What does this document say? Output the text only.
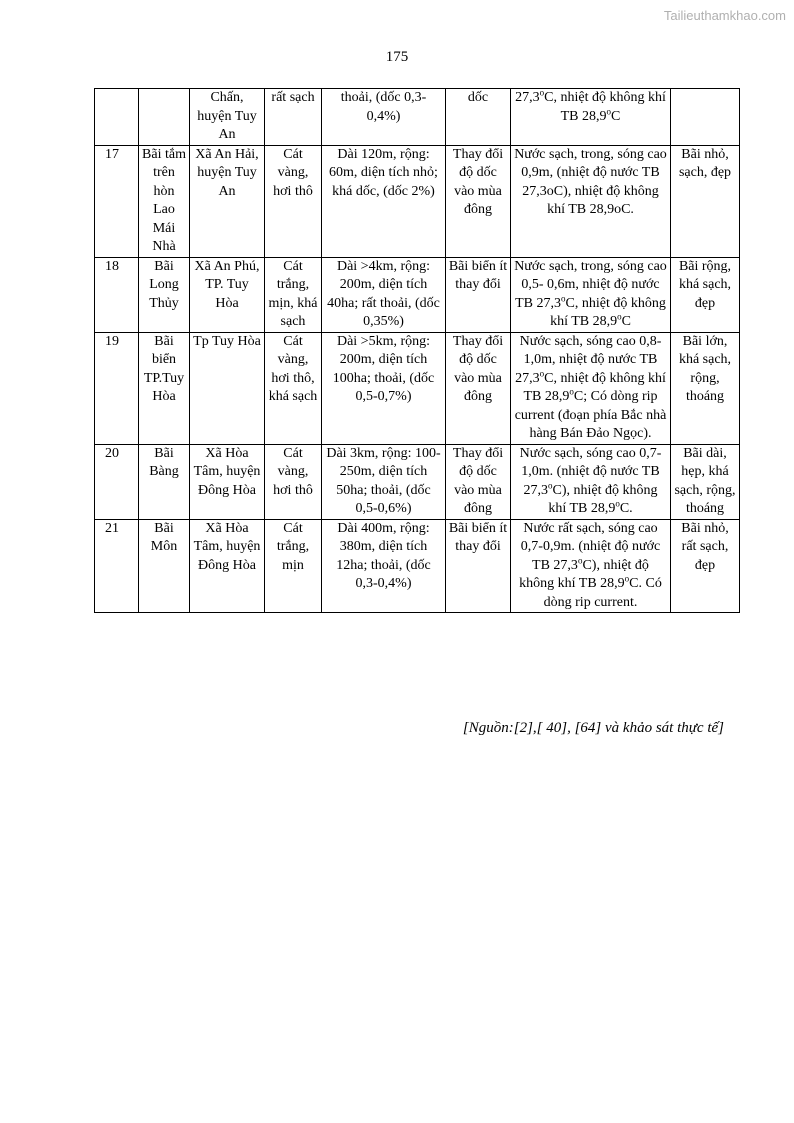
Tailieuthamkhao.com
175
		Chấn, huyện Tuy An	rất sạch	thoải, (dốc 0,3-0,4%)	dốc	27,3$^o$C, nhiệt độ không khí TB 28,9$^o$C	
17	Bãi tắm trên hòn Lao Mái Nhà	Xã An Hải, huyện Tuy An	Cát vàng, hơi thô	Dài 120m, rộng: 60m, diện tích nhỏ; khá dốc, (dốc 2%)	Thay đổi độ dốc vào mùa đông	Nước sạch, trong, sóng cao 0,9m, (nhiệt độ nước TB 27,3oC), nhiệt độ không khí TB 28,9oC.	Bãi nhỏ, sạch, đẹp
18	Bãi Long Thủy	Xã An Phú, TP. Tuy Hòa	Cát trắng, mịn, khá sạch	Dài >4km, rộng: 200m, diện tích 40ha; rất thoải, (dốc 0,35%)	Bãi biển ít thay đổi	Nước sạch, trong, sóng cao 0,5- 0,6m, nhiệt độ nước TB 27,3$^o$C, nhiệt độ không khí TB 28,9$^o$C	Bãi rộng, khá sạch, đẹp
19	Bãi biển TP.Tuy Hòa	Tp Tuy Hòa	Cát vàng, hơi thô, khá sạch	Dài >5km, rộng: 200m, diện tích 100ha; thoải, (dốc 0,5-0,7%)	Thay đổi độ dốc vào mùa đông	Nước sạch, sóng cao 0,8- 1,0m, nhiệt độ nước TB 27,3$^o$C, nhiệt độ không khí TB 28,9$^o$C; Có dòng rip current (đoạn phía Bắc nhà hàng Bán Đảo Ngọc).	Bãi lớn, khá sạch, rộng, thoáng
20	Bãi Bàng	Xã Hòa Tâm, huyện Đông Hòa	Cát vàng, hơi thô	Dài 3km, rộng: 100-250m, diện tích 50ha; thoải, (dốc 0,5-0,6%)	Thay đổi độ dốc vào mùa đông	Nước sạch, sóng cao 0,7- 1,0m. (nhiệt độ nước TB 27,3$^o$C), nhiệt độ không khí TB 28,9$^o$C.	Bãi dài, hẹp, khá sạch, rộng, thoáng
21	Bãi Môn	Xã Hòa Tâm, huyện Đông Hòa	Cát trắng, mịn	Dài 400m, rộng: 380m, diện tích 12ha; thoải, (dốc 0,3-0,4%)	Bãi biển ít thay đổi	Nước rất sạch, sóng cao 0,7-0,9m. (nhiệt độ nước TB 27,3$^o$C), nhiệt độ không khí TB 28,9$^o$C. Có dòng rip current.	Bãi nhỏ, rất sạch, đẹp
[Nguồn:[2],[ 40], [64] và khảo sát thực tế]
